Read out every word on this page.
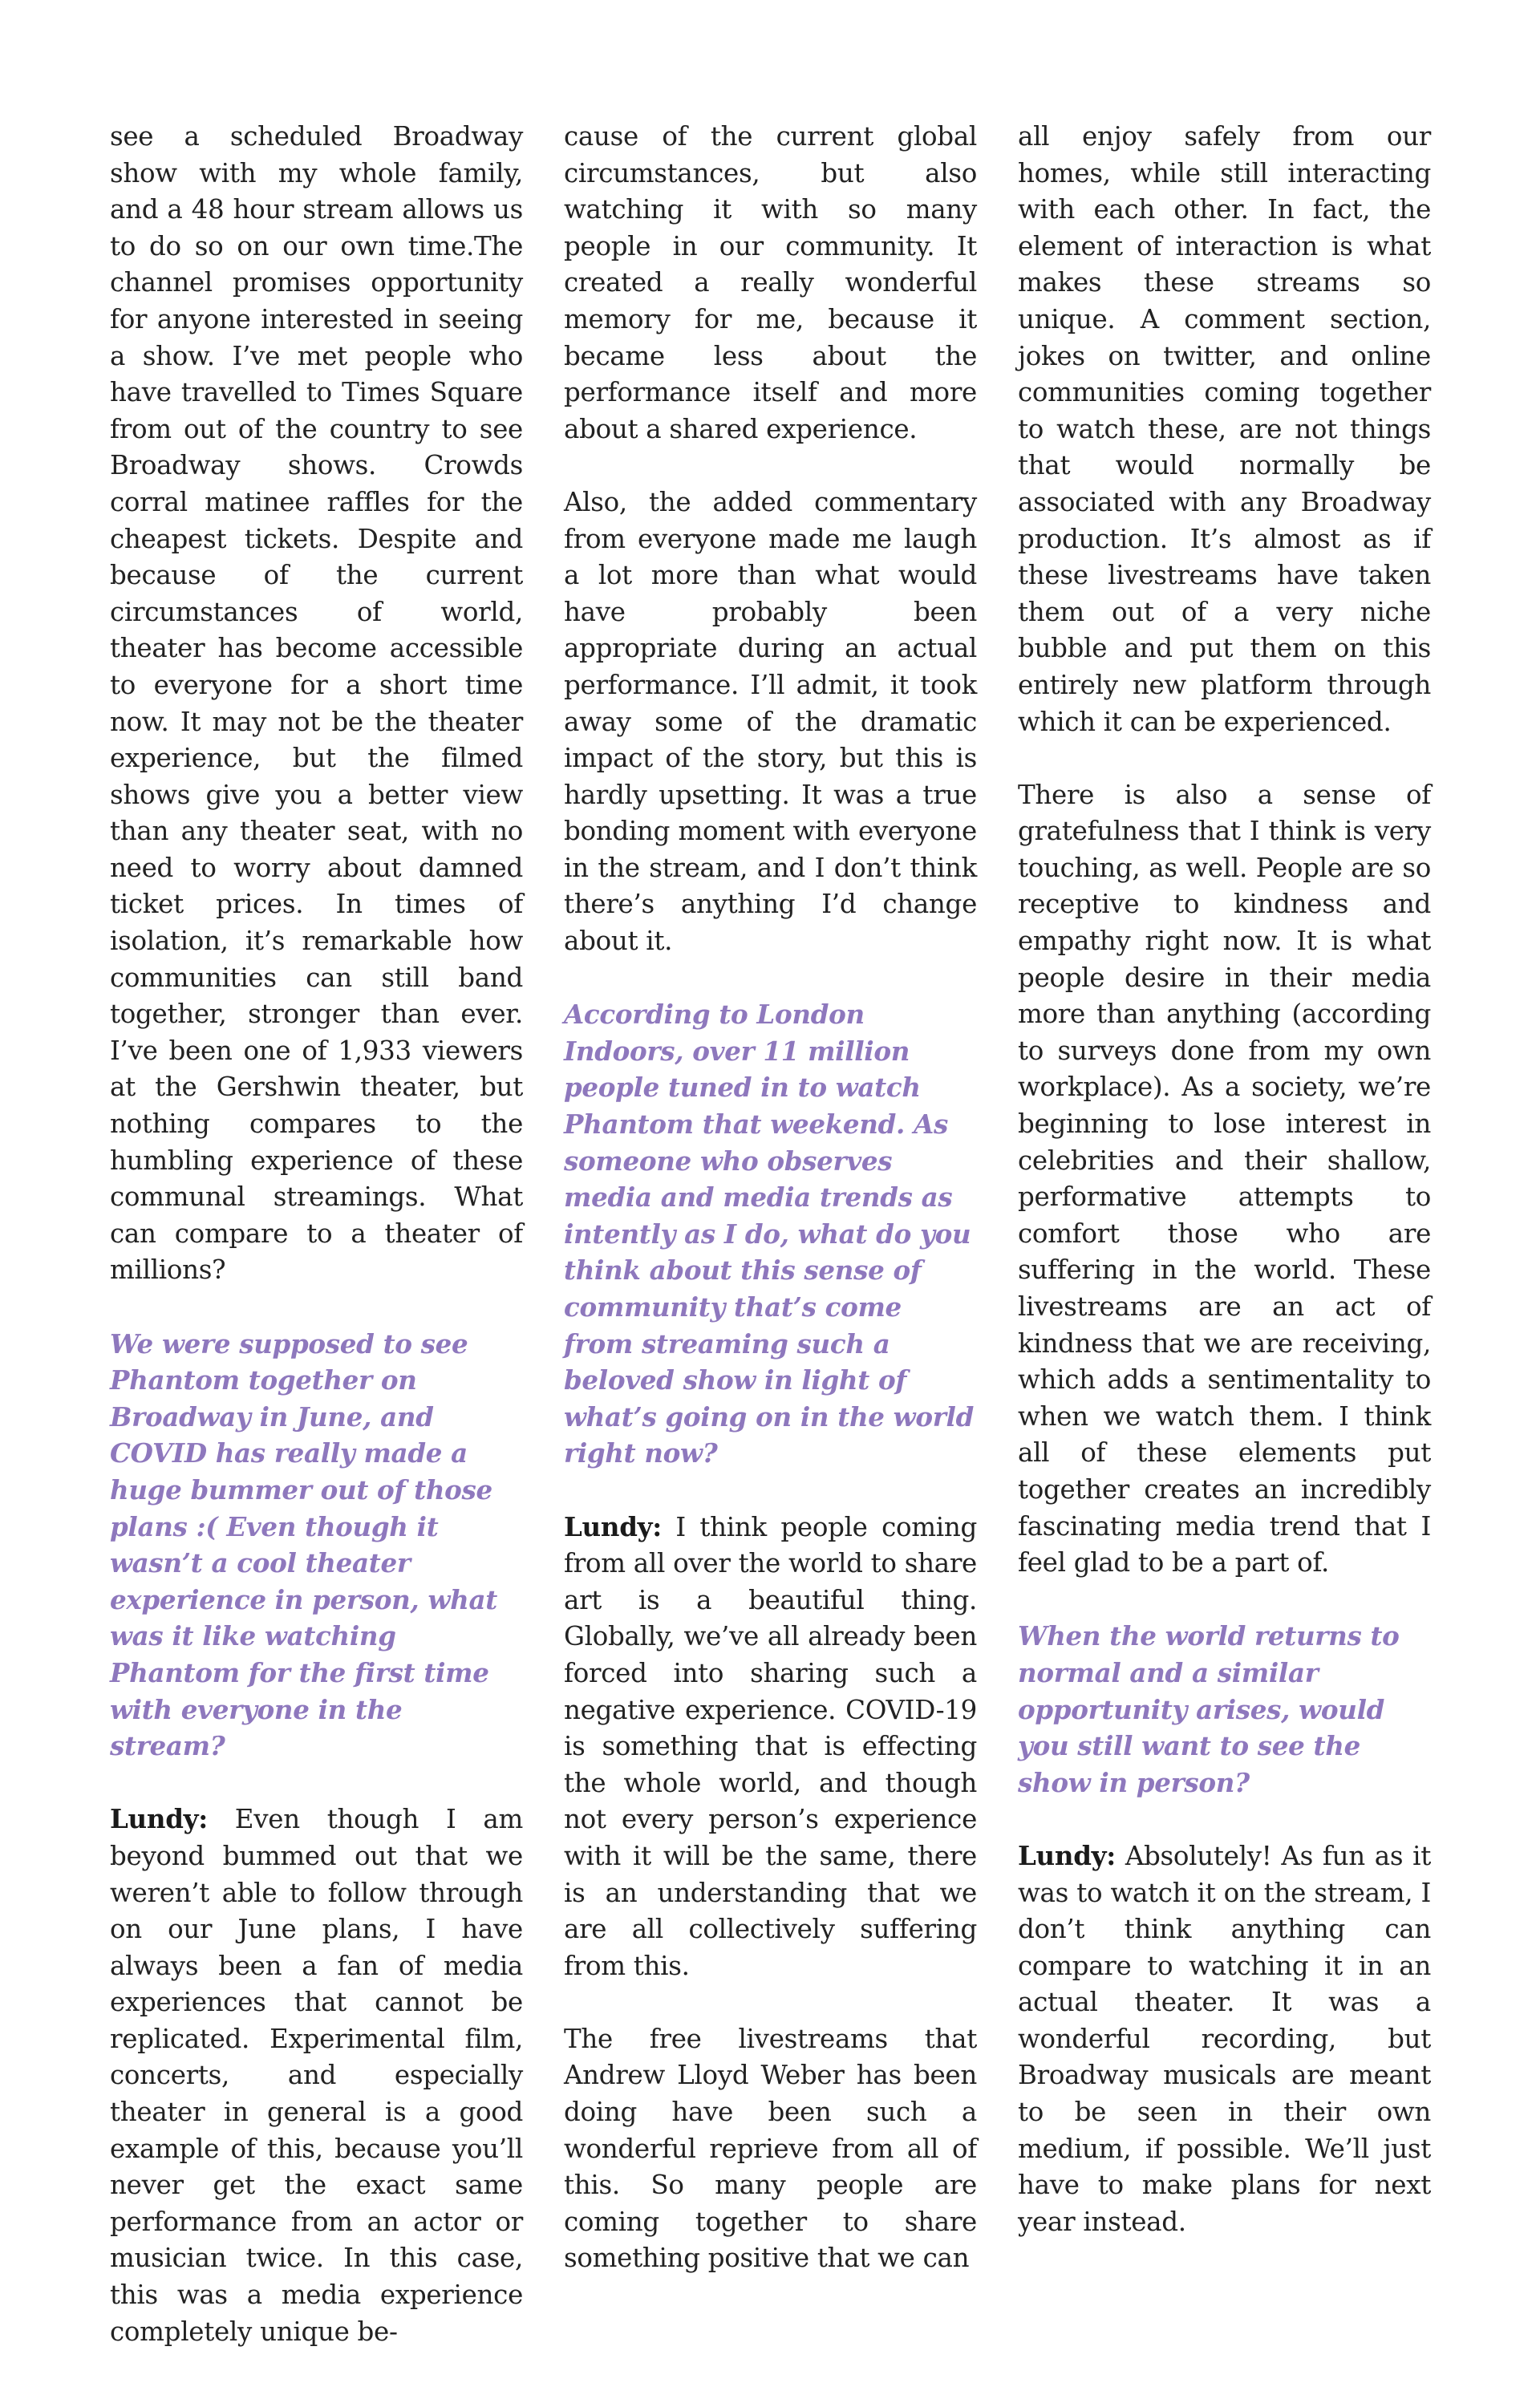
see a scheduled Broadway show with my whole family, and a 48 hour stream allows us to do so on our own time.The channel promises opportunity for anyone interested in seeing a show. I’ve met people who have travelled to Times Square from out of the country to see Broadway shows. Crowds corral matinee raffles for the cheapest tickets. Despite and because of the current circumstances of world, theater has become accessible to everyone for a short time now. It may not be the theater experience, but the filmed shows give you a better view than any theater seat, with no need to worry about damned ticket prices. In times of isolation, it’s remarkable how communities can still band together, stronger than ever. I’ve been one of 1,933 viewers at the Gershwin theater, but nothing compares to the humbling experience of these communal streamings. What can compare to a theater of millions?

We were supposed to see Phantom together on Broadway in June, and COVID has really made a huge bummer out of those plans :( Even though it wasn’t a cool theater experience in person, what was it like watching Phantom for the first time with everyone in the stream?

Lundy: Even though I am beyond bummed out that we weren’t able to follow through on our June plans, I have always been a fan of media experiences that cannot be replicated. Experimental film, concerts, and especially theater in general is a good example of this, because you’ll never get the exact same performance from an actor or musician twice. In this case, this was a media experience completely unique be-

cause of the current global circumstances, but also watching it with so many people in our community. It created a really wonderful memory for me, because it became less about the performance itself and more about a shared experience.

Also, the added commentary from everyone made me laugh a lot more than what would have probably been appropriate during an actual performance. I’ll admit, it took away some of the dramatic impact of the story, but this is hardly upsetting. It was a true bonding moment with everyone in the stream, and I don’t think there’s anything I’d change about it.

According to London Indoors, over 11 million people tuned in to watch Phantom that weekend. As someone who observes media and media trends as intently as I do, what do you think about this sense of community that’s come from streaming such a beloved show in light of what’s going on in the world right now?

Lundy: I think people coming from all over the world to share art is a beautiful thing. Globally, we’ve all already been forced into sharing such a negative experience. COVID-19 is something that is effecting the whole world, and though not every person’s experience with it will be the same, there is an understanding that we are all collectively suffering from this.

The free livestreams that Andrew Lloyd Weber has been doing have been such a wonderful reprieve from all of this. So many people are coming together to share something positive that we can

all enjoy safely from our homes, while still interacting with each other. In fact, the element of interaction is what makes these streams so unique. A comment section, jokes on twitter, and online communities coming together to watch these, are not things that would normally be associated with any Broadway production. It’s almost as if these livestreams have taken them out of a very niche bubble and put them on this entirely new platform through which it can be experienced.

There is also a sense of gratefulness that I think is very touching, as well. People are so receptive to kindness and empathy right now. It is what people desire in their media more than anything (according to surveys done from my own workplace). As a society, we’re beginning to lose interest in celebrities and their shallow, performative attempts to comfort those who are suffering in the world. These livestreams are an act of kindness that we are receiving, which adds a sentimentality to when we watch them. I think all of these elements put together creates an incredibly fascinating media trend that I feel glad to be a part of.

When the world returns to normal and a similar opportunity arises, would you still want to see the show in person?

Lundy: Absolutely! As fun as it was to watch it on the stream, I don’t think anything can compare to watching it in an actual theater. It was a wonderful recording, but Broadway musicals are meant to be seen in their own medium, if possible. We’ll just have to make plans for next year instead.
